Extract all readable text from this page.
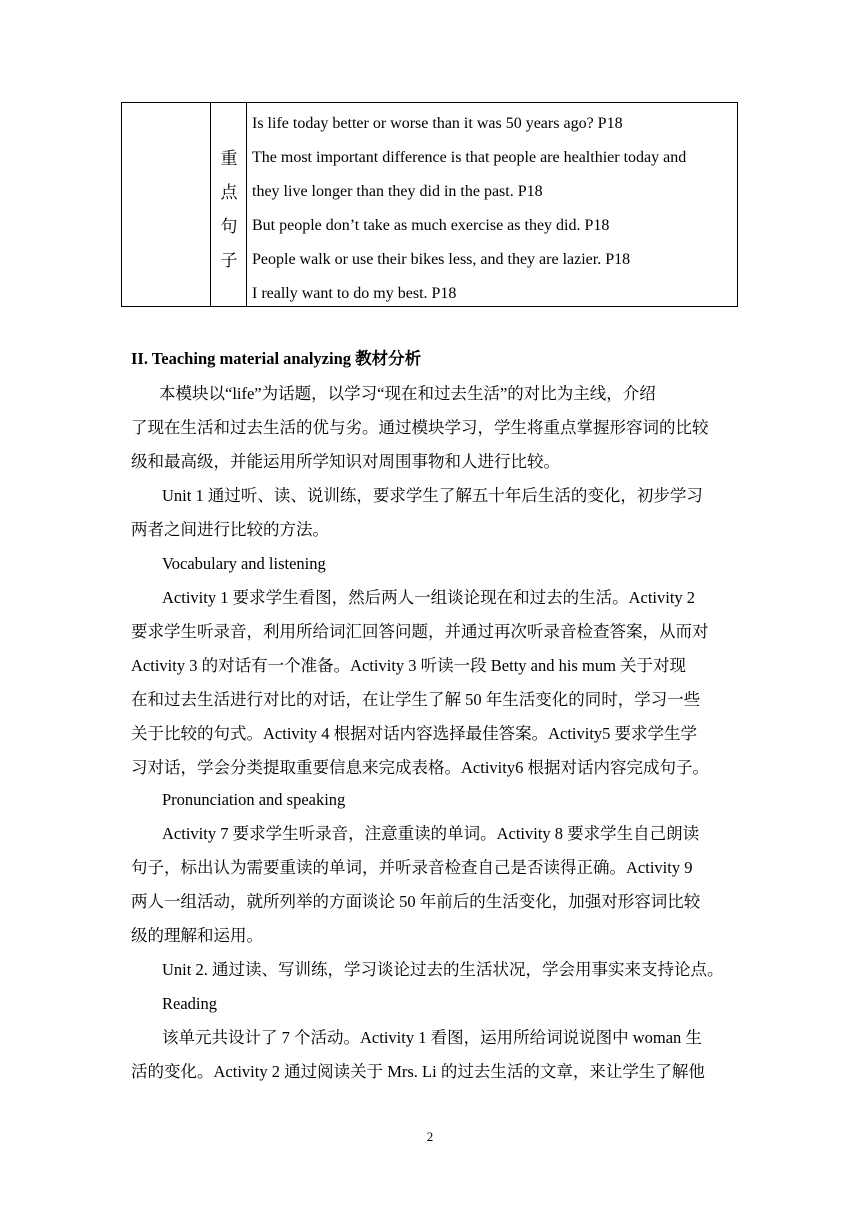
重
点
句
子
Is life today better or worse than it was 50 years ago? P18
The most important difference is that people are healthier today and
they live longer than they did in the past. P18
But people don’t take as much exercise as they did. P18
People walk or use their bikes less, and they are lazier. P18
I really want to do my best. P18
II. Teaching material analyzing 教材分析
本模块以“life”为话题，以学习“现在和过去生活”的对比为主线，介绍
了现在生活和过去生活的优与劣。通过模块学习，学生将重点掌握形容词的比较
级和最高级，并能运用所学知识对周围事物和人进行比较。
Unit 1 通过听、读、说训练，要求学生了解五十年后生活的变化，初步学习
两者之间进行比较的方法。
Vocabulary and listening
Activity 1 要求学生看图，然后两人一组谈论现在和过去的生活。Activity 2
要求学生听录音，利用所给词汇回答问题，并通过再次听录音检查答案，从而对
Activity 3 的对话有一个准备。Activity 3 听读一段 Betty and his mum 关于对现
在和过去生活进行对比的对话，在让学生了解 50 年生活变化的同时，学习一些
关于比较的句式。Activity 4 根据对话内容选择最佳答案。Activity5 要求学生学
习对话，学会分类提取重要信息来完成表格。Activity6 根据对话内容完成句子。
Pronunciation and speaking
Activity 7 要求学生听录音，注意重读的单词。Activity 8 要求学生自己朗读
句子，标出认为需要重读的单词，并听录音检查自己是否读得正确。Activity 9
两人一组活动，就所列举的方面谈论 50 年前后的生活变化，加强对形容词比较
级的理解和运用。
Unit 2. 通过读、写训练，学习谈论过去的生活状况，学会用事实来支持论点。
Reading
该单元共设计了 7 个活动。Activity 1 看图，运用所给词说说图中 woman 生
活的变化。Activity 2 通过阅读关于 Mrs. Li 的过去生活的文章，来让学生了解他
2
